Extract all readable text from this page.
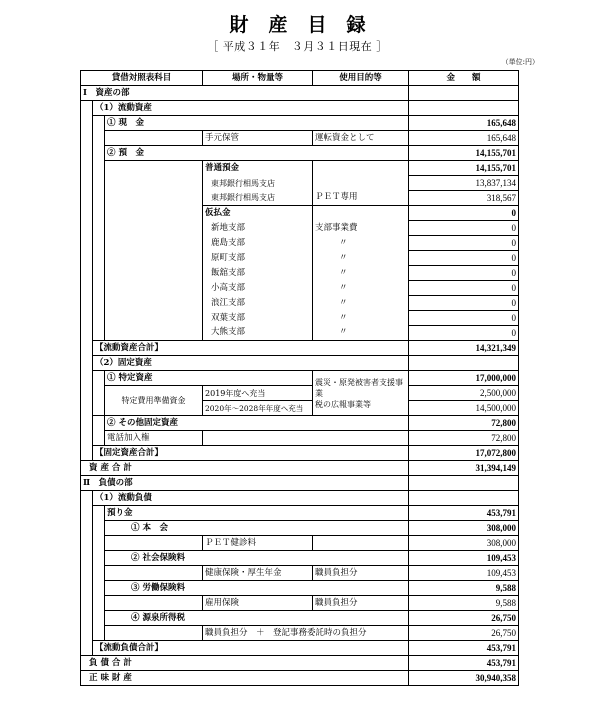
財産目録
［ 平成３１年　３月３１日現在 ］
（単位:円）
貸借対照表科目			場所・物量等	使用目的等	金　　額
Ⅰ　資産の部					
	（1）流動資産				
		① 現　金			165,648
			手元保管	運転資金として	165,648
		② 預　金			14,155,701
			普通預金		14,155,701
			東邦銀行相馬支店		13,837,134
			東邦銀行相馬支店	ＰＥＴ専用	318,567
			仮払金		0
			新地支部	支部事業費	0
			鹿島支部	〃	0
			原町支部	〃	0
			飯舘支部	〃	0
			小高支部	〃	0
			浪江支部	〃	0
			双葉支部	〃	0
			大熊支部	〃	0
	【流動資産合計】				14,321,349
	（2）固定資産				
		① 特定資産		震災・原発被害者支援事業
税の広報事業等	17,000,000
		特定費用準備資金	2019年度へ充当		2,500,000
			2020年～2028年年度へ充当		14,500,000
		② その他固定資産			72,800
		電話加入権			72,800
	【固定資産合計】				17,072,800
資 産 合 計					31,394,149
Ⅱ　負債の部					
	（1）流動負債				
		預り金			453,791
		① 本　会			308,000
			ＰＥＴ健診料		308,000
		② 社会保険料			109,453
			健康保険・厚生年金	職員負担分	109,453
		③ 労働保険料			9,588
			雇用保険	職員負担分	9,588
		④ 源泉所得税			26,750
			職員負担分　＋　登記事務委託時の負担分		26,750
	【流動負債合計】				453,791
負 債 合 計					453,791
正 味 財 産					30,940,358
